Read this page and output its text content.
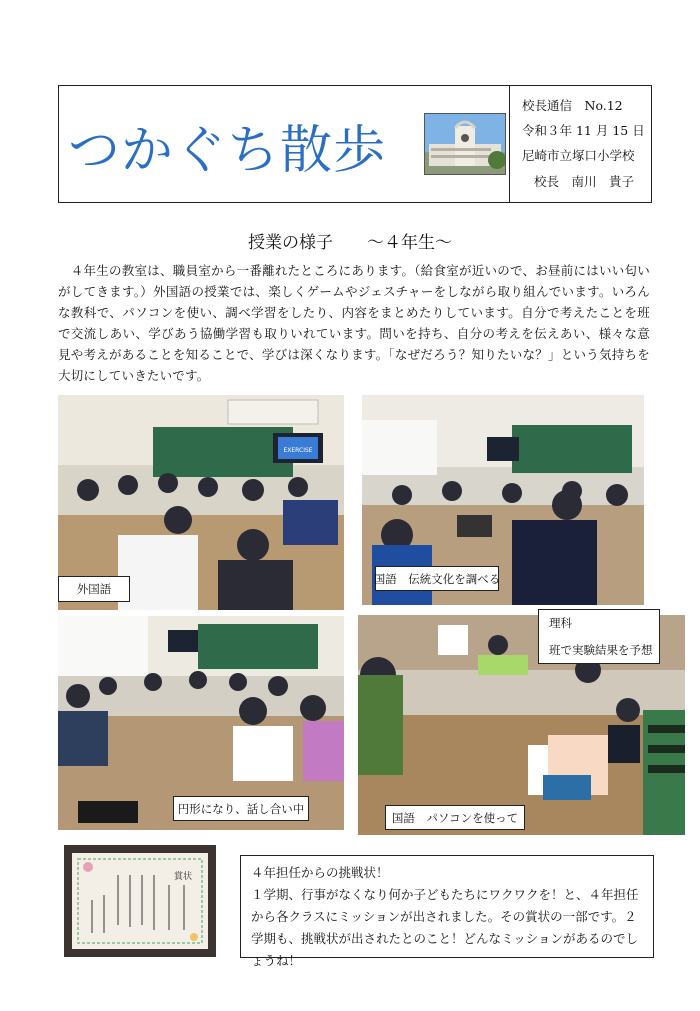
つかぐち散歩
校長通信　No.12
令和３年 11 月 15 日
尼崎市立塚口小学校
校長　南川　貴子
授業の様子　　～４年生～
　４年生の教室は、職員室から一番離れたところにあります。（給食室が近いので、お昼前にはいい匂いがしてきます。）外国語の授業では、楽しくゲームやジェスチャーをしながら取り組んでいます。いろんな教科で、パソコンを使い、調べ学習をしたり、内容をまとめたりしています。自分で考えたことを班で交流しあい、学びあう協働学習も取りいれています。問いを持ち、自分の考えを伝えあい、様々な意見や考えがあることを知ることで、学びは深くなります。「なぜだろう？知りたいな？」という気持ちを大切にしていきたいです。
EXERCISE
外国語
国語　伝統文化を調べる
円形になり、話し合い中
理科
班で実験結果を予想
国語　パソコンを使って
賞状	４年担任からの挑戦状！
１学期、行事がなくなり何か子どもたちにワクワクを！と、４年担任から各クラスにミッションが出されました。その賞状の一部です。２学期も、挑戦状が出されたとのこと！どんなミッションがあるのでしょうね！
